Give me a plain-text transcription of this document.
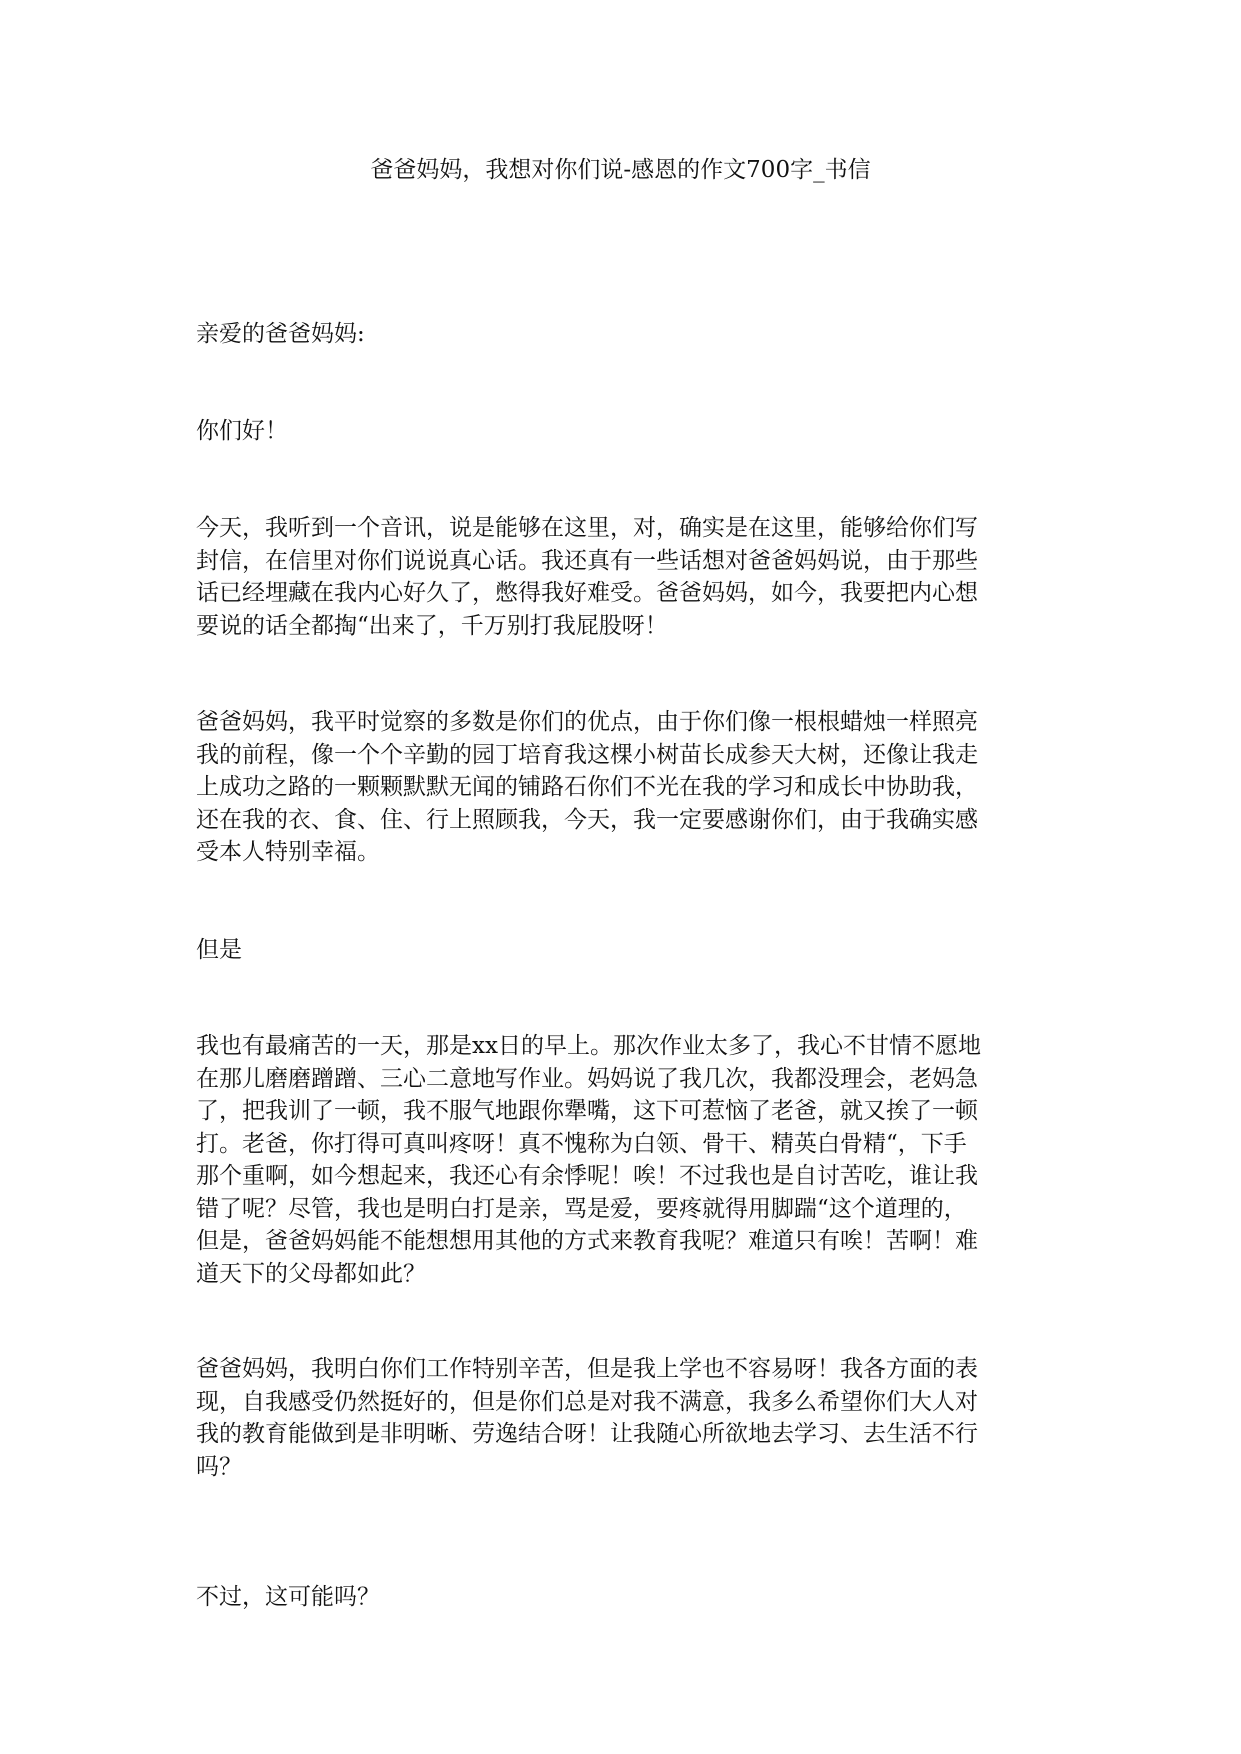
爸爸妈妈，我想对你们说-感恩的作文700字_书信

亲爱的爸爸妈妈:

你们好！

今天，我听到一个音讯，说是能够在这里，对，确实是在这里，能够给你们写
封信，在信里对你们说说真心话。我还真有一些话想对爸爸妈妈说，由于那些
话已经埋藏在我内心好久了，憋得我好难受。爸爸妈妈，如今，我要把内心想
要说的话全都掏“出来了，千万别打我屁股呀！

爸爸妈妈，我平时觉察的多数是你们的优点，由于你们像一根根蜡烛一样照亮
我的前程，像一个个辛勤的园丁培育我这棵小树苗长成参天大树，还像让我走
上成功之路的一颗颗默默无闻的铺路石你们不光在我的学习和成长中协助我，
还在我的衣、食、住、行上照顾我，今天，我一定要感谢你们，由于我确实感
受本人特别幸福。

但是

我也有最痛苦的一天，那是xx日的早上。那次作业太多了，我心不甘情不愿地
在那儿磨磨蹭蹭、三心二意地写作业。妈妈说了我几次，我都没理会，老妈急
了，把我训了一顿，我不服气地跟你犟嘴，这下可惹恼了老爸，就又挨了一顿
打。老爸，你打得可真叫疼呀！真不愧称为白领、骨干、精英白骨精“，下手
那个重啊，如今想起来，我还心有余悸呢！唉！不过我也是自讨苦吃，谁让我
错了呢？尽管，我也是明白打是亲，骂是爱，要疼就得用脚踹“这个道理的，
但是，爸爸妈妈能不能想想用其他的方式来教育我呢？难道只有唉！苦啊！难
道天下的父母都如此？

爸爸妈妈，我明白你们工作特别辛苦，但是我上学也不容易呀！我各方面的表
现，自我感受仍然挺好的，但是你们总是对我不满意，我多么希望你们大人对
我的教育能做到是非明晰、劳逸结合呀！让我随心所欲地去学习、去生活不行
吗？

不过，这可能吗？
